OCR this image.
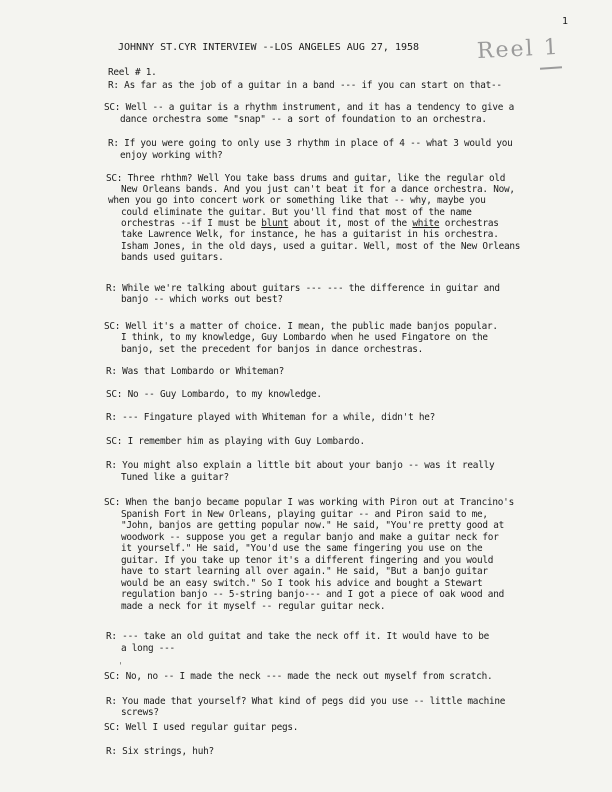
1
JOHNNY ST.CYR INTERVIEW --LOS ANGELES AUG 27, 1958	Reel 1
Reel # 1.
R: As far as the job of a guitar in a band --- if you can start on that--
SC: Well -- a guitar is a rhythm instrument, and it has a tendency to give a
dance orchestra some "snap" -- a sort of foundation to an orchestra.
R: If you were going to only use 3 rhythm in place of 4 -- what 3 would you
enjoy working with?
SC: Three rhthm? Well You take bass drums and guitar, like the regular old
New Orleans bands. And you just can't beat it for a dance orchestra. Now,
when you go into concert work or something like that -- why, maybe you
could eliminate the guitar. But you'll find that most of the name
orchestras --if I must be blunt about it, most of the white orchestras
take Lawrence Welk, for instance, he has a guitarist in his orchestra.
Isham Jones, in the old days, used a guitar. Well, most of the New Orleans
bands used guitars.
R: While we're talking about guitars --- --- the difference in guitar and
banjo -- which works out best?
SC: Well it's a matter of choice. I mean, the public made banjos popular.
I think, to my knowledge, Guy Lombardo when he used Fingatore on the
banjo, set the precedent for banjos in dance orchestras.
R: Was that Lombardo or Whiteman?
SC: No -- Guy Lombardo, to my knowledge.
R: --- Fingature played with Whiteman for a while, didn't he?
SC: I remember him as playing with Guy Lombardo.
R: You might also explain a little bit about your banjo -- was it really
Tuned like a guitar?
SC: When the banjo became popular I was working with Piron out at Trancino's
Spanish Fort in New Orleans, playing guitar -- and Piron said to me,
"John, banjos are getting popular now." He said, "You're pretty good at
woodwork -- suppose you get a regular banjo and make a guitar neck for
it yourself." He said, "You'd use the same fingering you use on the
guitar. If you take up tenor it's a different fingering and you would
have to start learning all over again." He said, "But a banjo guitar
would be an easy switch." So I took his advice and bought a Stewart
regulation banjo -- 5-string banjo--- and I got a piece of oak wood and
made a neck for it myself -- regular guitar neck.
R: --- take an old guitat and take the neck off it. It would have to be
a long ---
ˌ
SC: No, no -- I made the neck --- made the neck out myself from scratch.
R: You made that yourself? What kind of pegs did you use -- little machine
screws?
SC: Well I used regular guitar pegs.
R: Six strings, huh?
